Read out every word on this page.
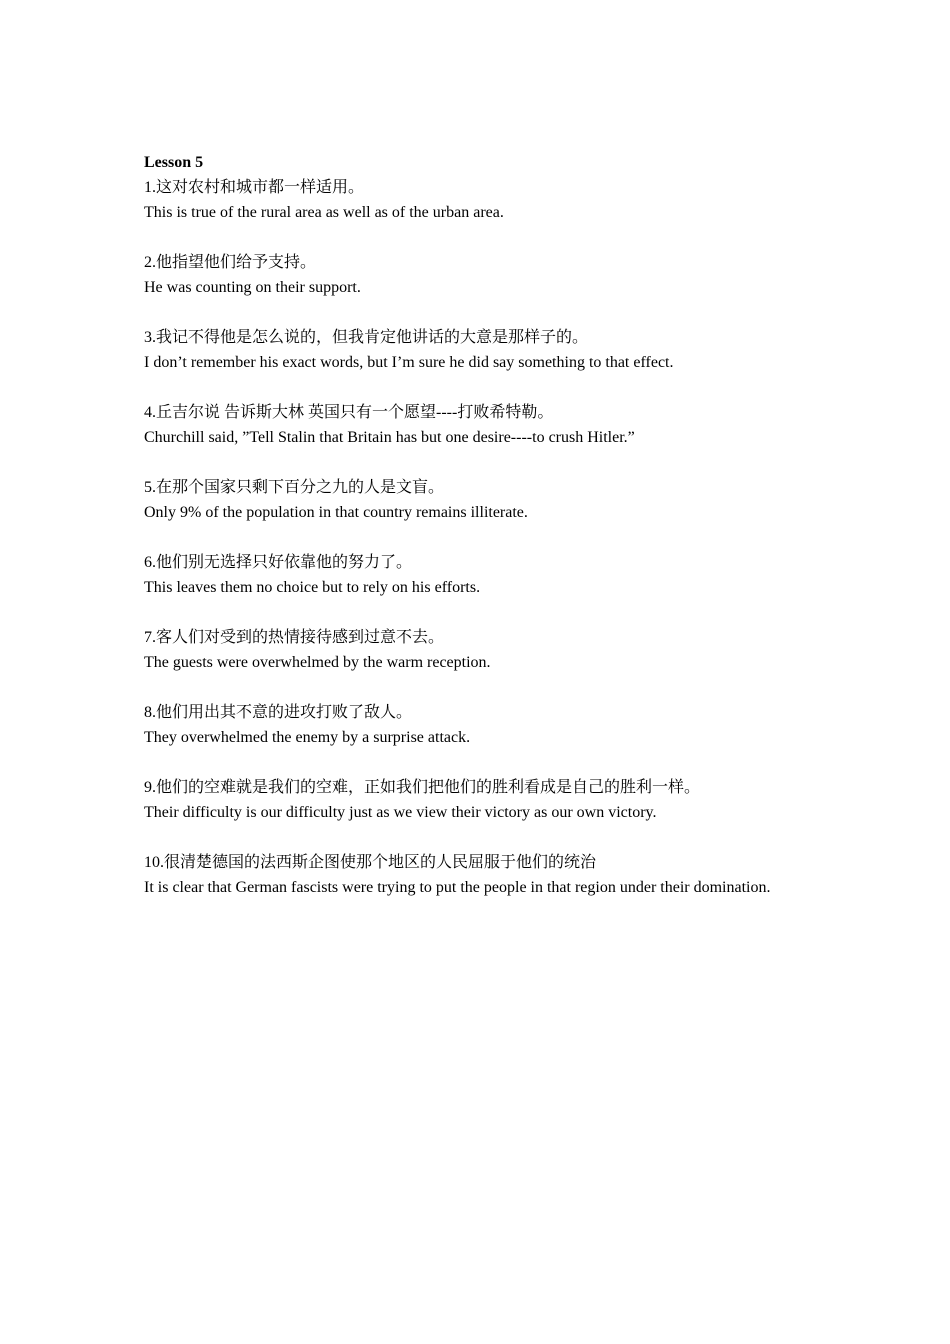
Lesson 5
1.这对农村和城市都一样适用。
This is true of the rural area as well as of the urban area.
2.他指望他们给予支持。
He was counting on their support.
3.我记不得他是怎么说的，但我肯定他讲话的大意是那样子的。
I don’t remember his exact words, but I’m sure he did say something to that effect.
4.丘吉尔说 告诉斯大林 英国只有一个愿望----打败希特勒。
Churchill said, ”Tell Stalin that Britain has but one desire----to crush Hitler.”
5.在那个国家只剩下百分之九的人是文盲。
Only 9% of the population in that country remains illiterate.
6.他们别无选择只好依靠他的努力了。
This leaves them no choice but to rely on his efforts.
7.客人们对受到的热情接待感到过意不去。
The guests were overwhelmed by the warm reception.
8.他们用出其不意的进攻打败了敌人。
They overwhelmed the enemy by a surprise attack.
9.他们的空难就是我们的空难，正如我们把他们的胜利看成是自己的胜利一样。
Their difficulty is our difficulty just as we view their victory as our own victory.
10.很清楚德国的法西斯企图使那个地区的人民屈服于他们的统治
It is clear that German fascists were trying to put the people in that region under their domination.
